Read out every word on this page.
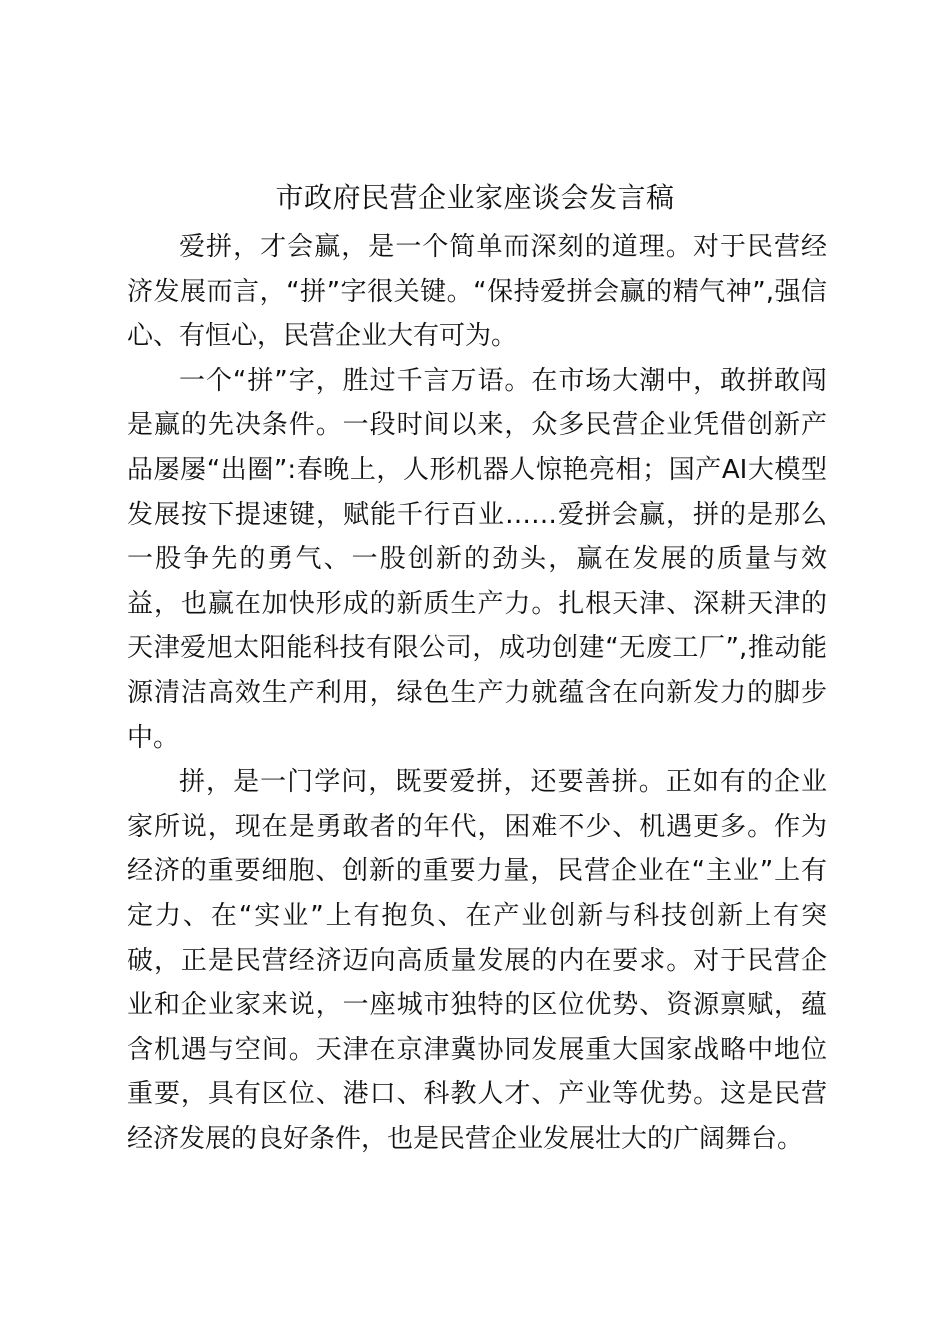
市政府民营企业家座谈会发言稿

爱拼，才会赢，是一个简单而深刻的道理。对于民营经济发展而言，“拼”字很关键。“保持爱拼会赢的精气神”,强信心、有恒心，民营企业大有可为。

一个“拼”字，胜过千言万语。在市场大潮中，敢拼敢闯是赢的先决条件。一段时间以来，众多民营企业凭借创新产品屡屡“出圈”:春晚上，人形机器人惊艳亮相；国产AI大模型发展按下提速键，赋能千行百业……爱拼会赢，拼的是那么一股争先的勇气、一股创新的劲头，赢在发展的质量与效益，也赢在加快形成的新质生产力。扎根天津、深耕天津的天津爱旭太阳能科技有限公司，成功创建“无废工厂”,推动能源清洁高效生产利用，绿色生产力就蕴含在向新发力的脚步中。

拼，是一门学问，既要爱拼，还要善拼。正如有的企业家所说，现在是勇敢者的年代，困难不少、机遇更多。作为经济的重要细胞、创新的重要力量，民营企业在“主业”上有定力、在“实业”上有抱负、在产业创新与科技创新上有突破，正是民营经济迈向高质量发展的内在要求。对于民营企业和企业家来说，一座城市独特的区位优势、资源禀赋，蕴含机遇与空间。天津在京津冀协同发展重大国家战略中地位重要，具有区位、港口、科教人才、产业等优势。这是民营经济发展的良好条件，也是民营企业发展壮大的广阔舞台。
